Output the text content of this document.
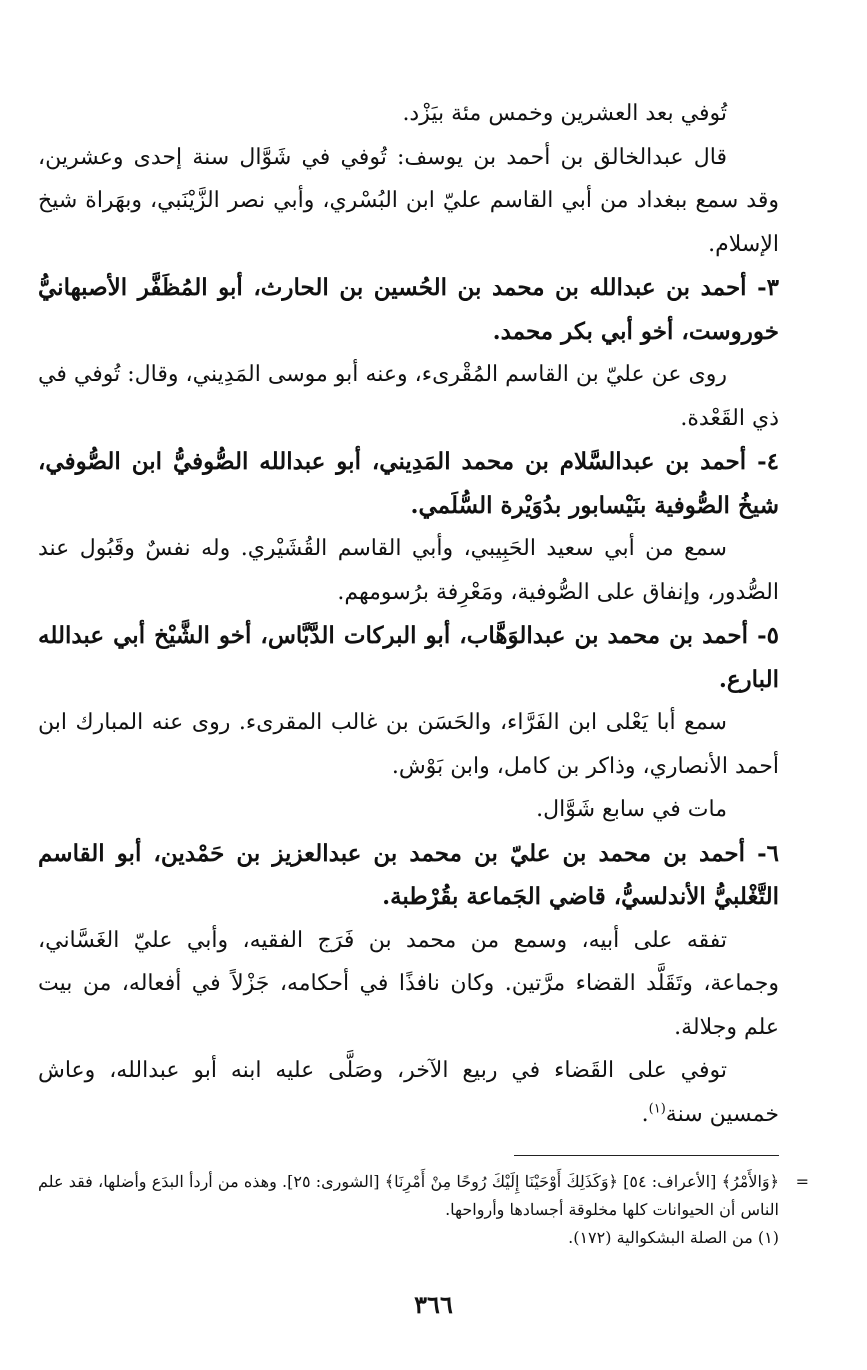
تُوفي بعد العشرين وخمس مئة بيَزْد.

قال عبدالخالق بن أحمد بن يوسف: تُوفي في شَوَّال سنة إحدى وعشرين، وقد سمع ببغداد من أبي القاسم عليّ ابن البُسْري، وأبي نصر الزَّيْنَبي، وبهَراة شيخ الإسلام.

٣- أحمد بن عبدالله بن محمد بن الحُسين بن الحارث، أبو المُظَفَّر الأصبهانيُّ خوروست، أخو أبي بكر محمد.

روى عن عليّ بن القاسم المُقْرىء، وعنه أبو موسى المَدِيني، وقال: تُوفي في ذي القَعْدة.

٤- أحمد بن عبدالسَّلام بن محمد المَدِيني، أبو عبدالله الصُّوفيُّ ابن الصُّوفي، شيخُ الصُّوفية بنَيْسابور بدُوَيْرة السُّلَمي.

سمع من أبي سعيد الحَبِيبي، وأبي القاسم القُشَيْري. وله نفسٌ وقَبُول عند الصُّدور، وإنفاق على الصُّوفية، ومَعْرِفة برُسومهم.

٥- أحمد بن محمد بن عبدالوَهَّاب، أبو البركات الدَّبَّاس، أخو الشَّيْخ أبي عبدالله البارع.

سمع أبا يَعْلى ابن الفَرَّاء، والحَسَن بن غالب المقرىء. روى عنه المبارك ابن أحمد الأنصاري، وذاكر بن كامل، وابن بَوْش.

مات في سابع شَوَّال.

٦- أحمد بن محمد بن عليّ بن محمد بن عبدالعزيز بن حَمْدين، أبو القاسم التَّغْلبيُّ الأندلسيُّ، قاضي الجَماعة بقُرْطبة.

تفقه على أبيه، وسمع من محمد بن فَرَج الفقيه، وأبي عليّ الغَسَّاني، وجماعة، وتَقَلَّد القضاء مرَّتين. وكان نافذًا في أحكامه، جَزْلاً في أفعاله، من بيت علم وجلالة.

توفي على القَضاء في ربيع الآخر، وصَلَّى عليه ابنه أبو عبدالله، وعاش خمسين سنة$^{(١)}$.

=

﴿وَالأَمْرُ﴾ [الأعراف: ٥٤] ﴿وَكَذَلِكَ أَوْحَيْنَا إِلَيْكَ رُوحًا مِنْ أَمْرِنَا﴾ [الشورى: ٢٥]. وهذه من أردأ البدَع وأضلها، فقد علم الناس أن الحيوانات كلها مخلوقة أجسادها وأرواحها.

(١) من الصلة البشكوالية (١٧٢).

٣٦٦
